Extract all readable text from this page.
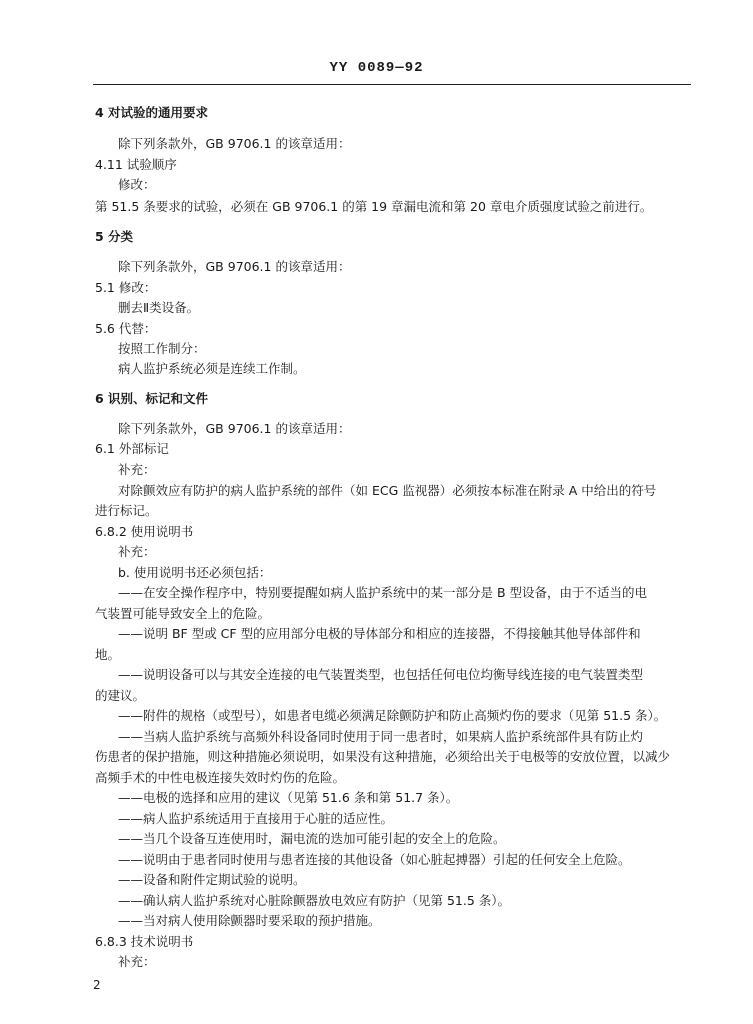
YY 0089—92
4 对试验的通用要求
除下列条款外，GB 9706.1 的该章适用：
4.11 试验顺序
修改：
第 51.5 条要求的试验，必须在 GB 9706.1 的第 19 章漏电流和第 20 章电介质强度试验之前进行。
5 分类
除下列条款外，GB 9706.1 的该章适用：
5.1 修改：
删去Ⅱ类设备。
5.6 代替：
按照工作制分：
病人监护系统必须是连续工作制。
6 识别、标记和文件
除下列条款外，GB 9706.1 的该章适用：
6.1 外部标记
补充：
对除颤效应有防护的病人监护系统的部件（如 ECG 监视器）必须按本标准在附录 A 中给出的符号
进行标记。
6.8.2 使用说明书
补充：
b. 使用说明书还必须包括：
——在安全操作程序中，特别要提醒如病人监护系统中的某一部分是 B 型设备，由于不适当的电
气装置可能导致安全上的危险。
——说明 BF 型或 CF 型的应用部分电极的导体部分和相应的连接器，不得接触其他导体部件和
地。
——说明设备可以与其安全连接的电气装置类型，也包括任何电位均衡导线连接的电气装置类型
的建议。
——附件的规格（或型号），如患者电缆必须满足除颤防护和防止高频灼伤的要求（见第 51.5 条）。
——当病人监护系统与高频外科设备同时使用于同一患者时，如果病人监护系统部件具有防止灼
伤患者的保护措施，则这种措施必须说明，如果没有这种措施，必须给出关于电极等的安放位置，以减少
高频手术的中性电极连接失效时灼伤的危险。
——电极的选择和应用的建议（见第 51.6 条和第 51.7 条）。
——病人监护系统适用于直接用于心脏的适应性。
——当几个设备互连使用时，漏电流的迭加可能引起的安全上的危险。
——说明由于患者同时使用与患者连接的其他设备（如心脏起搏器）引起的任何安全上危险。
——设备和附件定期试验的说明。
——确认病人监护系统对心脏除颤器放电效应有防护（见第 51.5 条）。
——当对病人使用除颤器时要采取的预护措施。
6.8.3 技术说明书
补充：
2
